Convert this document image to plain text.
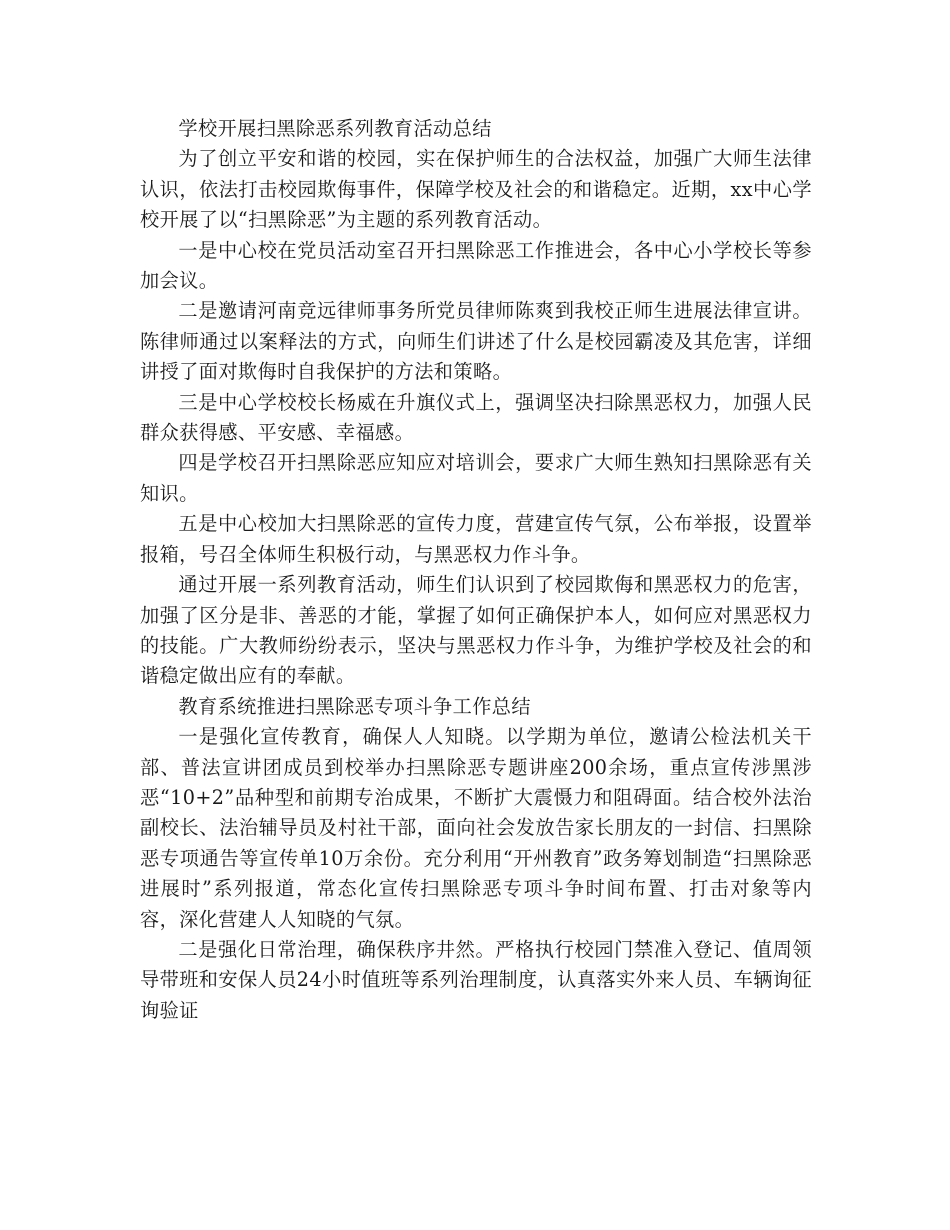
学校开展扫黑除恶系列教育活动总结

为了创立平安和谐的校园，实在保护师生的合法权益，加强广大师生法律认识，依法打击校园欺侮事件，保障学校及社会的和谐稳定。近期，xx中心学校开展了以“扫黑除恶”为主题的系列教育活动。

一是中心校在党员活动室召开扫黑除恶工作推进会，各中心小学校长等参加会议。

二是邀请河南竞远律师事务所党员律师陈爽到我校正师生进展法律宣讲。陈律师通过以案释法的方式，向师生们讲述了什么是校园霸凌及其危害，详细讲授了面对欺侮时自我保护的方法和策略。

三是中心学校校长杨威在升旗仪式上，强调坚决扫除黑恶权力，加强人民群众获得感、平安感、幸福感。

四是学校召开扫黑除恶应知应对培训会，要求广大师生熟知扫黑除恶有关知识。

五是中心校加大扫黑除恶的宣传力度，营建宣传气氛，公布举报，设置举报箱，号召全体师生积极行动，与黑恶权力作斗争。

通过开展一系列教育活动，师生们认识到了校园欺侮和黑恶权力的危害，加强了区分是非、善恶的才能，掌握了如何正确保护本人，如何应对黑恶权力的技能。广大教师纷纷表示，坚决与黑恶权力作斗争，为维护学校及社会的和谐稳定做出应有的奉献。

教育系统推进扫黑除恶专项斗争工作总结

一是强化宣传教育，确保人人知晓。以学期为单位，邀请公检法机关干部、普法宣讲团成员到校举办扫黑除恶专题讲座200余场，重点宣传涉黑涉恶“10+2”品种型和前期专治成果，不断扩大震慑力和阻碍面。结合校外法治副校长、法治辅导员及村社干部，面向社会发放告家长朋友的一封信、扫黑除恶专项通告等宣传单10万余份。充分利用“开州教育”政务筹划制造“扫黑除恶进展时”系列报道，常态化宣传扫黑除恶专项斗争时间布置、打击对象等内容，深化营建人人知晓的气氛。

二是强化日常治理，确保秩序井然。严格执行校园门禁准入登记、值周领导带班和安保人员24小时值班等系列治理制度，认真落实外来人员、车辆询征询验证
